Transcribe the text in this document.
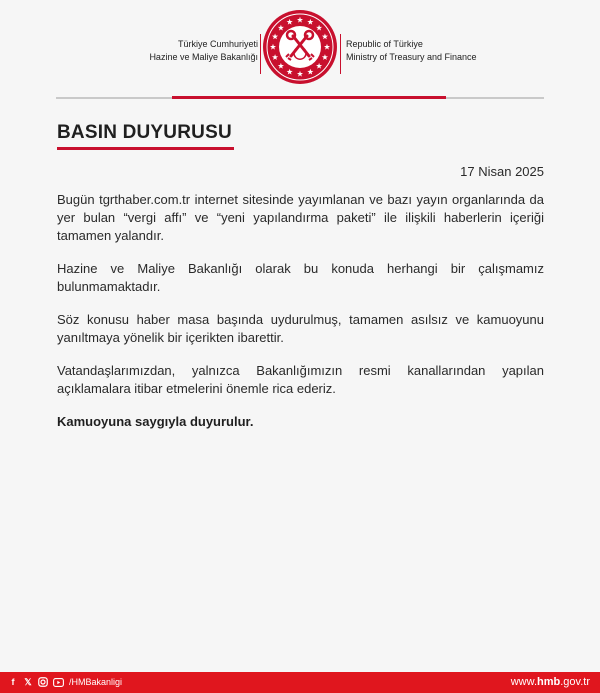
Türkiye Cumhuriyeti
Hazine ve Maliye Bakanlığı
Republic of Türkiye
Ministry of Treasury and Finance
BASIN DUYURUSU
17 Nisan 2025

Bugün tgrthaber.com.tr internet sitesinde yayımlanan ve bazı yayın organlarında da yer bulan “vergi affı” ve “yeni yapılandırma paketi” ile ilişkili haberlerin içeriği tamamen yalandır.

Hazine ve Maliye Bakanlığı olarak bu konuda herhangi bir çalışmamız bulunmamaktadır.

Söz konusu haber masa başında uydurulmuş, tamamen asılsız ve kamuoyunu yanıltmaya yönelik bir içerikten ibarettir.

Vatandaşlarımızdan, yalnızca Bakanlığımızın resmi kanallarından yapılan açıklamalara itibar etmelerini önemle rica ederiz.

Kamuoyuna saygıyla duyurulur.

f	𝕏	/HMBakanligi	www.hmb.gov.tr
